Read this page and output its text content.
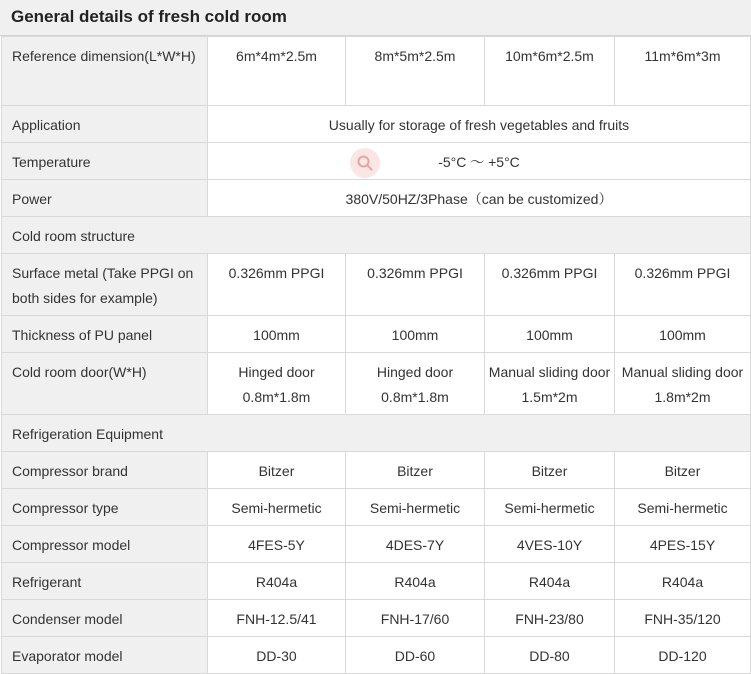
General details of fresh cold room
Reference dimension(L*W*H)	6m*4m*2.5m	8m*5m*2.5m	10m*6m*2.5m	11m*6m*3m
Application	Usually for storage of fresh vegetables and fruits			
Temperature	-5°C ～ +5°C			
Power	380V/50HZ/3Phase（can be customized）			
Cold room structure				
Surface metal (Take PPGI on both sides for example)	0.326mm PPGI	0.326mm PPGI	0.326mm PPGI	0.326mm PPGI
Thickness of PU panel	100mm	100mm	100mm	100mm
Cold room door(W*H)	Hinged door 0.8m*1.8m	Hinged door 0.8m*1.8m	Manual sliding door 1.5m*2m	Manual sliding door 1.8m*2m
Refrigeration Equipment				
Compressor brand	Bitzer	Bitzer	Bitzer	Bitzer
Compressor type	Semi-hermetic	Semi-hermetic	Semi-hermetic	Semi-hermetic
Compressor model	4FES-5Y	4DES-7Y	4VES-10Y	4PES-15Y
Refrigerant	R404a	R404a	R404a	R404a
Condenser model	FNH-12.5/41	FNH-17/60	FNH-23/80	FNH-35/120
Evaporator model	DD-30	DD-60	DD-80	DD-120
